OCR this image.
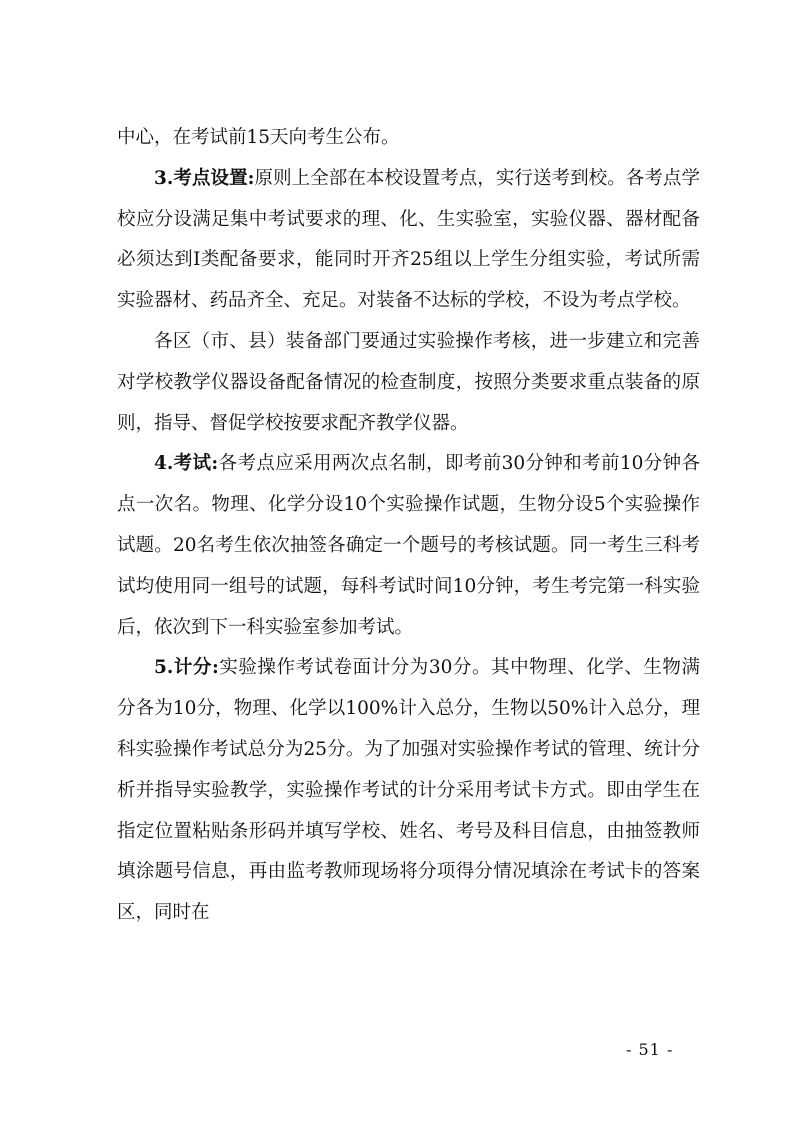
中心，在考试前15天向考生公布。

3.考点设置:原则上全部在本校设置考点，实行送考到校。各考点学校应分设满足集中考试要求的理、化、生实验室，实验仪器、器材配备必须达到Ⅰ类配备要求，能同时开齐25组以上学生分组实验，考试所需实验器材、药品齐全、充足。对装备不达标的学校，不设为考点学校。

各区（市、县）装备部门要通过实验操作考核，进一步建立和完善对学校教学仪器设备配备情况的检查制度，按照分类要求重点装备的原则，指导、督促学校按要求配齐教学仪器。

4.考试:各考点应采用两次点名制，即考前30分钟和考前10分钟各点一次名。物理、化学分设10个实验操作试题，生物分设5个实验操作试题。20名考生依次抽签各确定一个题号的考核试题。同一考生三科考试均使用同一组号的试题，每科考试时间10分钟，考生考完第一科实验后，依次到下一科实验室参加考试。

5.计分:实验操作考试卷面计分为30分。其中物理、化学、生物满分各为10分，物理、化学以100%计入总分，生物以50%计入总分，理科实验操作考试总分为25分。为了加强对实验操作考试的管理、统计分析并指导实验教学，实验操作考试的计分采用考试卡方式。即由学生在指定位置粘贴条形码并填写学校、姓名、考号及科目信息，由抽签教师填涂题号信息，再由监考教师现场将分项得分情况填涂在考试卡的答案区，同时在

- 51 -
